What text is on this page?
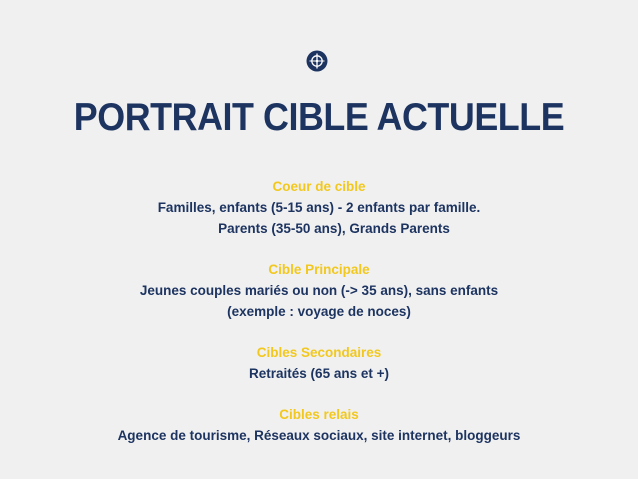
PORTRAIT CIBLE ACTUELLE
Coeur de cible
Familles, enfants (5-15 ans) - 2 enfants par famille.
Parents (35-50 ans), Grands Parents
Cible Principale
Jeunes couples mariés ou non (-> 35 ans), sans enfants
(exemple : voyage de noces)
Cibles Secondaires
Retraités (65 ans et +)
Cibles relais
Agence de tourisme, Réseaux sociaux, site internet, bloggeurs
